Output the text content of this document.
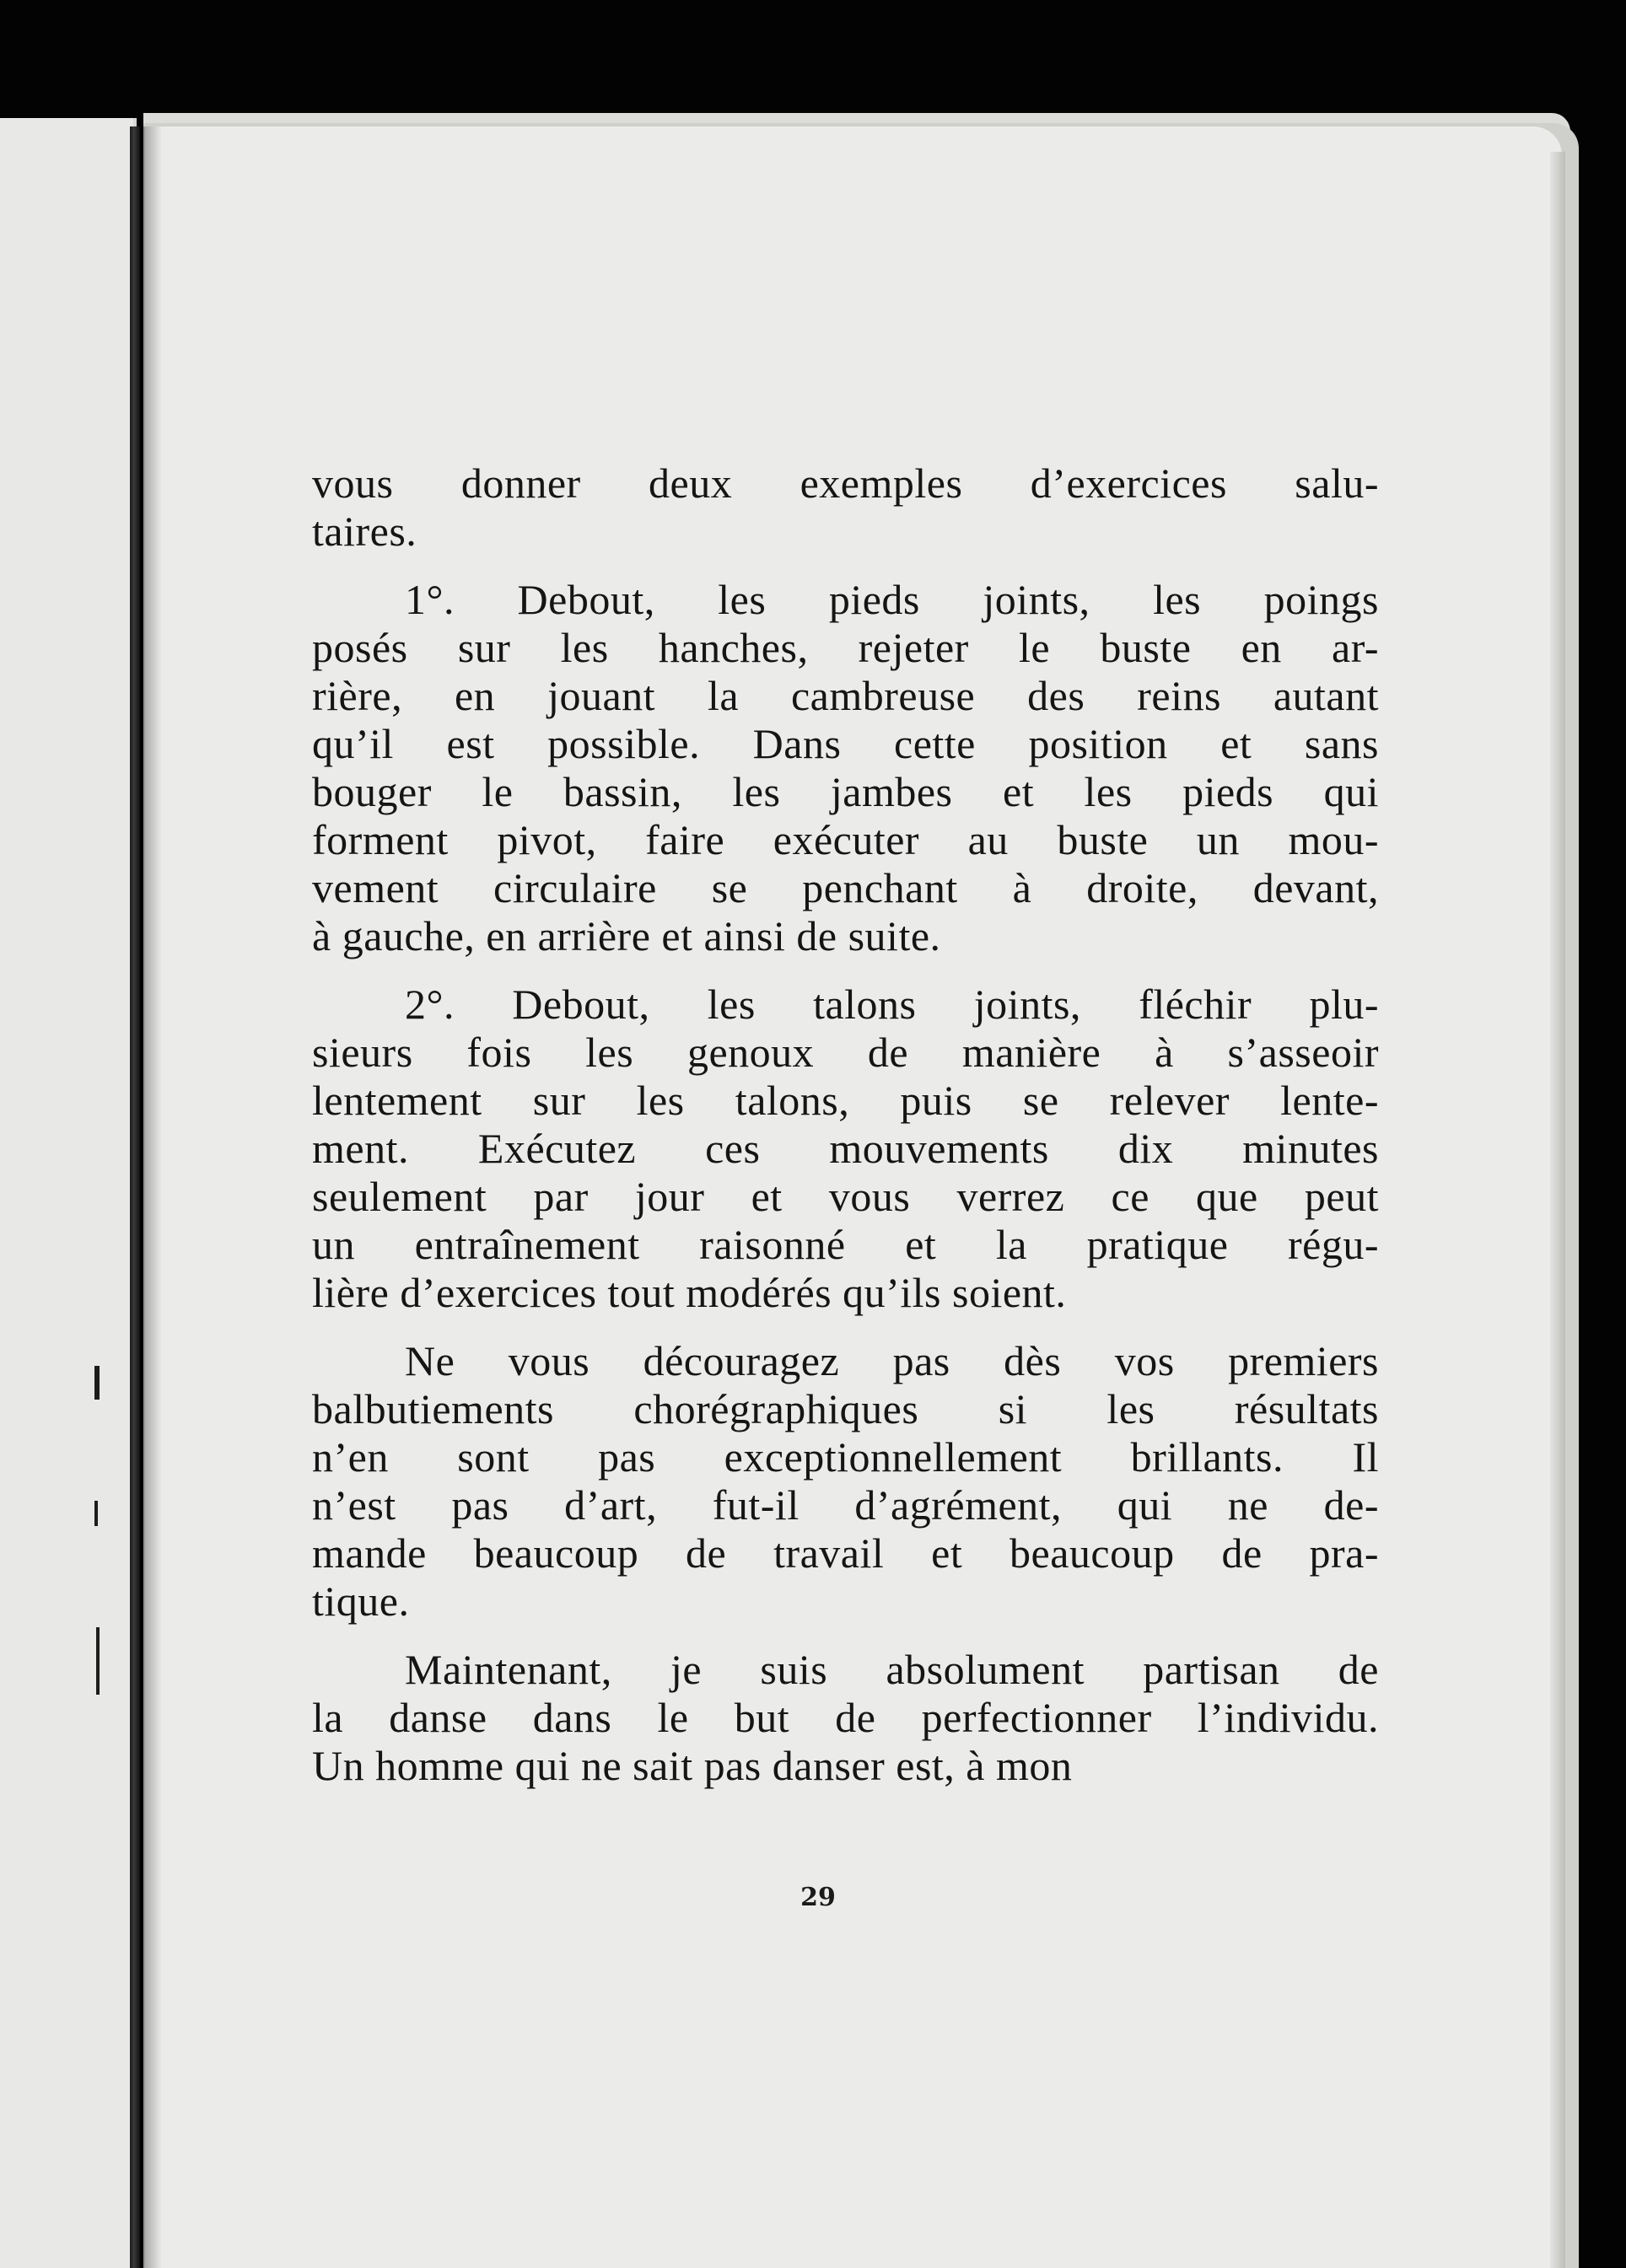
vous donner deux exemples d’exercices salu-
taires.
1°. Debout, les pieds joints, les poings
posés sur les hanches, rejeter le buste en ar-
rière, en jouant la cambreuse des reins autant
qu’il est possible. Dans cette position et sans
bouger le bassin, les jambes et les pieds qui
forment pivot, faire exécuter au buste un mou-
vement circulaire se penchant à droite, devant,
à gauche, en arrière et ainsi de suite.
2°. Debout, les talons joints, fléchir plu-
sieurs fois les genoux de manière à s’asseoir
lentement sur les talons, puis se relever lente-
ment. Exécutez ces mouvements dix minutes
seulement par jour et vous verrez ce que peut
un entraînement raisonné et la pratique régu-
lière d’exercices tout modérés qu’ils soient.
Ne vous découragez pas dès vos premiers
balbutiements chorégraphiques si les résultats
n’en sont pas exceptionnellement brillants. Il
n’est pas d’art, fut-il d’agrément, qui ne de-
mande beaucoup de travail et beaucoup de pra-
tique.
Maintenant, je suis absolument partisan de
la danse dans le but de perfectionner l’individu.
Un homme qui ne sait pas danser est, à mon
29
